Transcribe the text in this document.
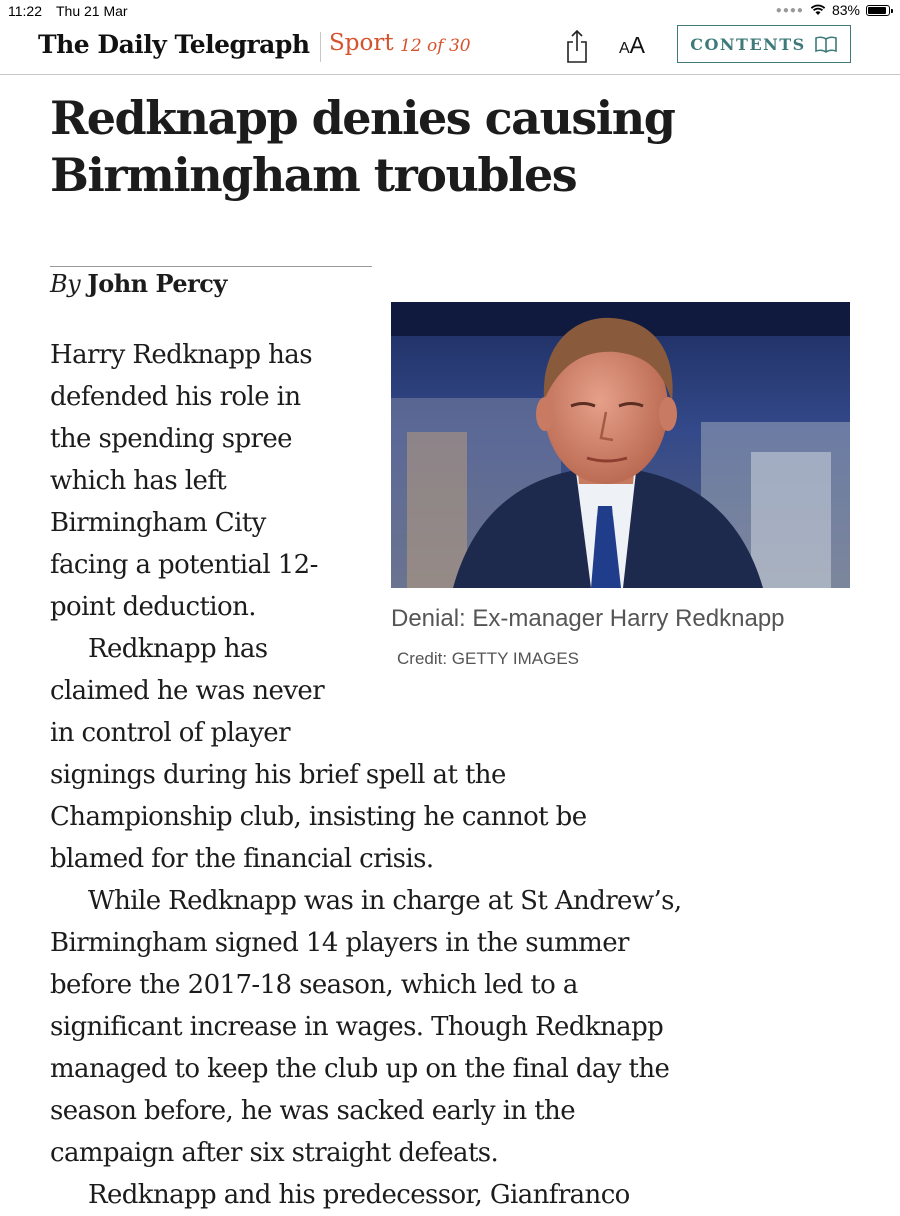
11:22 Thu 21 Mar	●●●● 83%
The Daily Telegraph Sport 12 of 30	AA	CONTENTS
Redknapp denies causing
Birmingham troubles
By John Percy
Denial: Ex-manager Harry Redknapp
Credit: GETTY IMAGES
Harry Redknapp has
defended his role in
the spending spree
which has left
Birmingham City
facing a potential 12-
point deduction.
Redknapp has
claimed he was never
in control of player
signings during his brief spell at the
Championship club, insisting he cannot be
blamed for the financial crisis.
While Redknapp was in charge at St Andrew’s,
Birmingham signed 14 players in the summer
before the 2017-18 season, which led to a
significant increase in wages. Though Redknapp
managed to keep the club up on the final day the
season before, he was sacked early in the
campaign after six straight defeats.
Redknapp and his predecessor, Gianfranco
